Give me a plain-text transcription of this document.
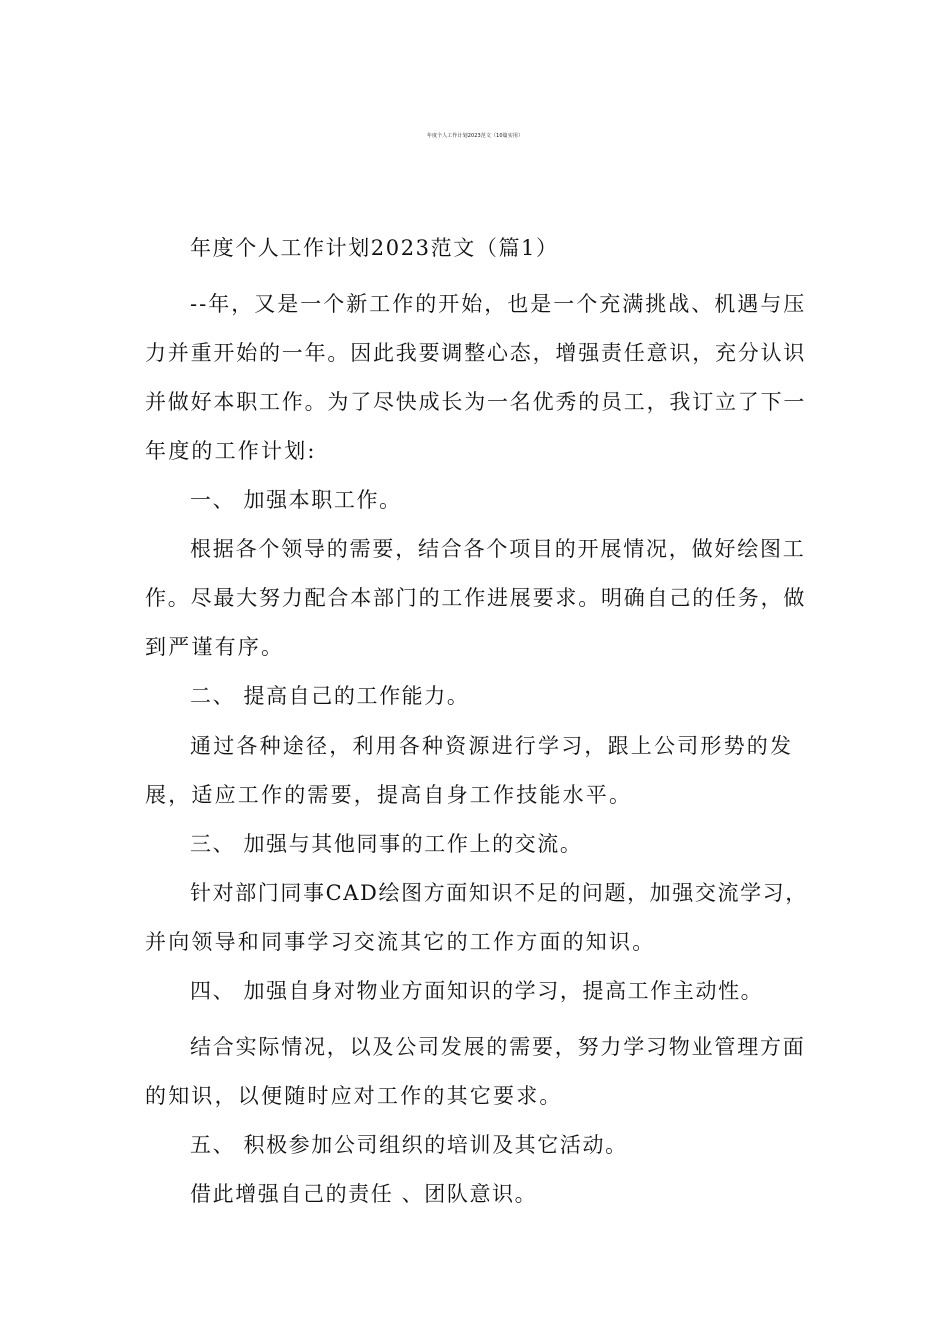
年度个人工作计划2023范文（10篇实用）
年度个人工作计划2023范文（篇1）
--年，又是一个新工作的开始，也是一个充满挑战、机遇与压
力并重开始的一年。因此我要调整心态，增强责任意识，充分认识
并做好本职工作。为了尽快成长为一名优秀的员工，我订立了下一
年度的工作计划:
一、 加强本职工作。
根据各个领导的需要，结合各个项目的开展情况，做好绘图工
作。尽最大努力配合本部门的工作进展要求。明确自己的任务，做
到严谨有序。
二、 提高自己的工作能力。
通过各种途径，利用各种资源进行学习，跟上公司形势的发
展，适应工作的需要，提高自身工作技能水平。
三、 加强与其他同事的工作上的交流。
针对部门同事CAD绘图方面知识不足的问题，加强交流学习，
并向领导和同事学习交流其它的工作方面的知识。
四、 加强自身对物业方面知识的学习，提高工作主动性。
结合实际情况，以及公司发展的需要，努力学习物业管理方面
的知识，以便随时应对工作的其它要求。
五、 积极参加公司组织的培训及其它活动。
借此增强自己的责任 、团队意识。
